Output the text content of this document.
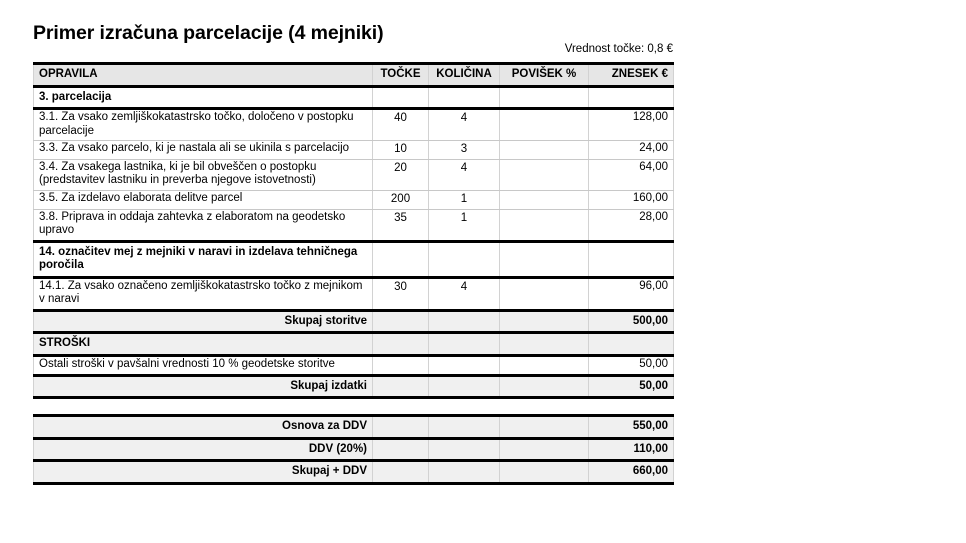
Primer izračuna parcelacije (4 mejniki)
Vrednost točke: 0,8 €
OPRAVILA	TOČKE	KOLIČINA	POVIŠEK %	ZNESEK €

3. parcelacija				

3.1. Za vsako zemljiškokatastrsko točko, določeno v postopku parcelacije	40	4		128,00

3.3. Za vsako parcelo, ki je nastala ali se ukinila s parcelacijo	10	3		24,00

3.4. Za vsakega lastnika, ki je bil obveščen o postopku (predstavitev lastniku in preverba njegove istovetnosti)	20	4		64,00

3.5. Za izdelavo elaborata delitve parcel	200	1		160,00

3.8. Priprava in oddaja zahtevka z elaboratom na geodetsko upravo	35	1		28,00

14. označitev mej z mejniki v naravi in izdelava tehničnega poročila				

14.1. Za vsako označeno zemljiškokatastrsko točko z mejnikom v naravi	30	4		96,00

Skupaj storitve				500,00

STROŠKI				

Ostali stroški v pavšalni vrednosti 10 % geodetske storitve				50,00

Skupaj izdatki				50,00
Osnova za DDV				550,00

DDV (20%)				110,00

Skupaj + DDV				660,00
